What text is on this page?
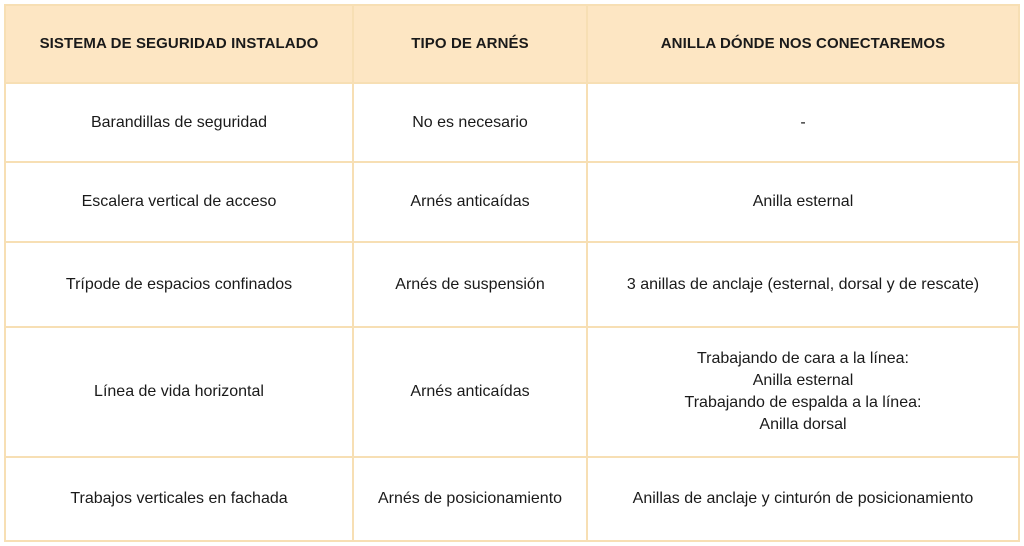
SISTEMA DE SEGURIDAD INSTALADO	TIPO DE ARNÉS	ANILLA DÓNDE NOS CONECTAREMOS
Barandillas de seguridad	No es necesario	-

Escalera vertical de acceso	Arnés anticaídas	Anilla esternal

Trípode de espacios confinados	Arnés de suspensión	3 anillas de anclaje (esternal, dorsal y de rescate)

Línea de vida horizontal	Arnés anticaídas	Trabajando de cara a la línea:
Anilla esternal
Trabajando de espalda a la línea:
Anilla dorsal

Trabajos verticales en fachada	Arnés de posicionamiento	Anillas de anclaje y cinturón de posicionamiento
